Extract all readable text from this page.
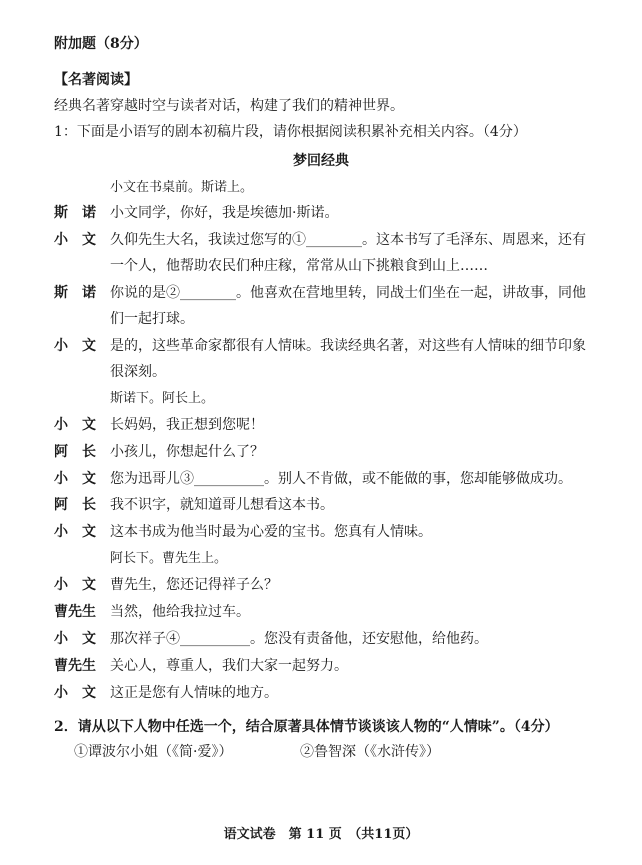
附加题（8分）
【名著阅读】
经典名著穿越时空与读者对话，构建了我们的精神世界。
1：下面是小语写的剧本初稿片段，请你根据阅读积累补充相关内容。（4分）
梦回经典
小文在书桌前。斯诺上。
斯　诺 小文同学，你好，我是埃德加·斯诺。
小　文 久仰先生大名，我读过您写的①________。这本书写了毛泽东、周恩来，还有
一个人，他帮助农民们种庄稼，常常从山下挑粮食到山上……
斯　诺 你说的是②________。他喜欢在营地里转，同战士们坐在一起，讲故事，同他
们一起打球。
小　文 是的，这些革命家都很有人情味。我读经典名著，对这些有人情味的细节印象
很深刻。
斯诺下。阿长上。
小　文 长妈妈，我正想到您呢！
阿　长 小孩儿，你想起什么了？
小　文 您为迅哥儿③__________。别人不肯做，或不能做的事，您却能够做成功。
阿　长 我不识字，就知道哥儿想看这本书。
小　文 这本书成为他当时最为心爱的宝书。您真有人情味。
阿长下。曹先生上。
小　文 曹先生，您还记得祥子么？
曹先生 当然，他给我拉过车。
小　文 那次祥子④__________。您没有责备他，还安慰他，给他药。
曹先生 关心人，尊重人，我们大家一起努力。
小　文 这正是您有人情味的地方。
2．请从以下人物中任选一个，结合原著具体情节谈谈该人物的“人情味”。（4分）
①谭波尔小姐（《简·爱》）	②鲁智深（《水浒传》）
语文试卷　第 11 页　（共11页）
